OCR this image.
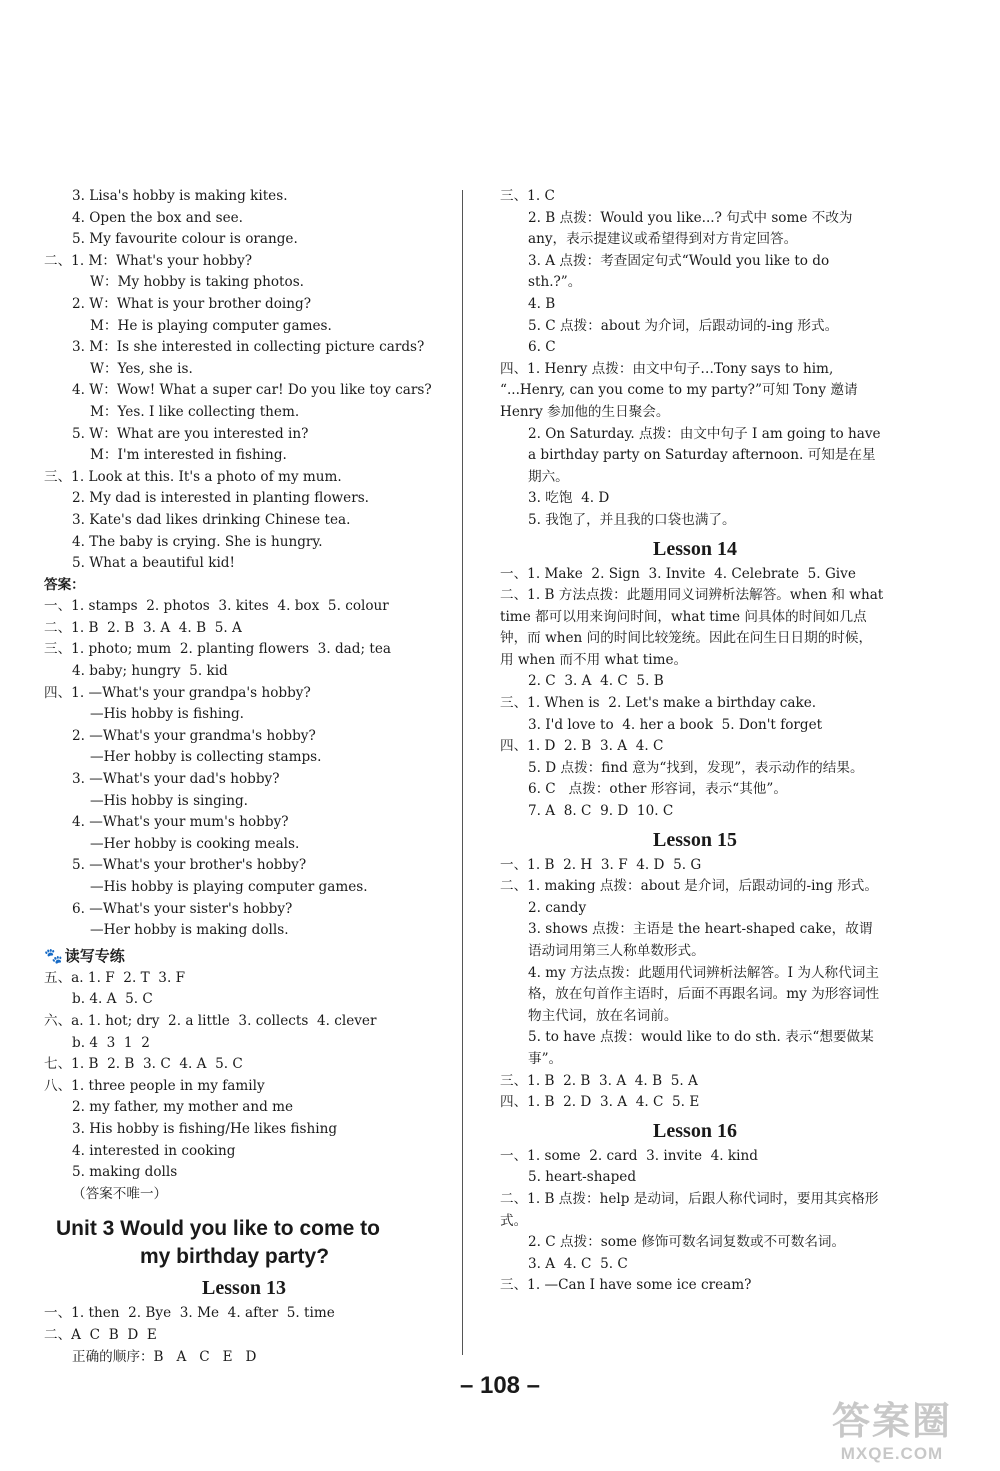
3. Lisa's hobby is making kites.

4. Open the box and see.

5. My favourite colour is orange.

二、1. M：What's your hobby?

W：My hobby is taking photos.

2. W：What is your brother doing?

M：He is playing computer games.

3. M：Is she interested in collecting picture cards?

W：Yes, she is.

4. W：Wow! What a super car! Do you like toy cars?

M：Yes. I like collecting them.

5. W：What are you interested in?

M：I'm interested in fishing.

三、1. Look at this. It's a photo of my mum.

2. My dad is interested in planting flowers.

3. Kate's dad likes drinking Chinese tea.

4. The baby is crying. She is hungry.

5. What a beautiful kid!

答案：

一、1. stamps  2. photos  3. kites  4. box  5. colour

二、1. B  2. B  3. A  4. B  5. A

三、1. photo; mum  2. planting flowers  3. dad; tea

4. baby; hungry  5. kid

四、1. —What's your grandpa's hobby?

—His hobby is fishing.

2. —What's your grandma's hobby?

—Her hobby is collecting stamps.

3. —What's your dad's hobby?

—His hobby is singing.

4. —What's your mum's hobby?

—Her hobby is cooking meals.

5. —What's your brother's hobby?

—His hobby is playing computer games.

6. —What's your sister's hobby?

—Her hobby is making dolls.

🐾 读写专练

五、a. 1. F  2. T  3. F

b. 4. A  5. C

六、a. 1. hot; dry  2. a little  3. collects  4. clever

b. 4  3  1  2

七、1. B  2. B  3. C  4. A  5. C

八、1. three people in my family

2. my father, my mother and me

3. His hobby is fishing/He likes fishing

4. interested in cooking

5. making dolls

（答案不唯一）

Unit 3 Would you like to come to
my birthday party?
Lesson 13

一、1. then  2. Bye  3. Me  4. after  5. time

二、A  C  B  D  E

正确的顺序：B   A   C   E   D

三、1. C

2. B 点拨：Would you like...? 句式中 some 不改为 any，表示提建议或希望得到对方肯定回答。

3. A 点拨：考查固定句式“Would you like to do sth.?”。

4. B

5. C 点拨：about 为介词，后跟动词的-ing 形式。

6. C

四、1. Henry 点拨：由文中句子…Tony says to him, “...Henry, can you come to my party?”可知 Tony 邀请 Henry 参加他的生日聚会。

2. On Saturday. 点拨：由文中句子 I am going to have a birthday party on Saturday afternoon. 可知是在星期六。

3. 吃饱  4. D

5. 我饱了，并且我的口袋也满了。

Lesson 14

一、1. Make  2. Sign  3. Invite  4. Celebrate  5. Give

二、1. B 方法点拨：此题用同义词辨析法解答。when 和 what time 都可以用来询问时间，what time 问具体的时间如几点钟，而 when 问的时间比较笼统。因此在问生日日期的时候，用 when 而不用 what time。

2. C  3. A  4. C  5. B

三、1. When is  2. Let's make a birthday cake.

3. I'd love to  4. her a book  5. Don't forget

四、1. D  2. B  3. A  4. C

5. D 点拨：find 意为“找到，发现”，表示动作的结果。

6. C   点拨：other 形容词，表示“其他”。

7. A  8. C  9. D  10. C

Lesson 15

一、1. B  2. H  3. F  4. D  5. G

二、1. making 点拨：about 是介词，后跟动词的-ing 形式。

2. candy

3. shows 点拨：主语是 the heart-shaped cake，故谓语动词用第三人称单数形式。

4. my 方法点拨：此题用代词辨析法解答。I 为人称代词主格，放在句首作主语时，后面不再跟名词。my 为形容词性物主代词，放在名词前。

5. to have 点拨：would like to do sth. 表示“想要做某事”。

三、1. B  2. B  3. A  4. B  5. A

四、1. B  2. D  3. A  4. C  5. E

Lesson 16

一、1. some  2. card  3. invite  4. kind

5. heart-shaped

二、1. B 点拨：help 是动词，后跟人称代词时，要用其宾格形式。

2. C 点拨：some 修饰可数名词复数或不可数名词。

3. A  4. C  5. C

三、1. —Can I have some ice cream?

– 108 –
答案圈
MXQE.COM
